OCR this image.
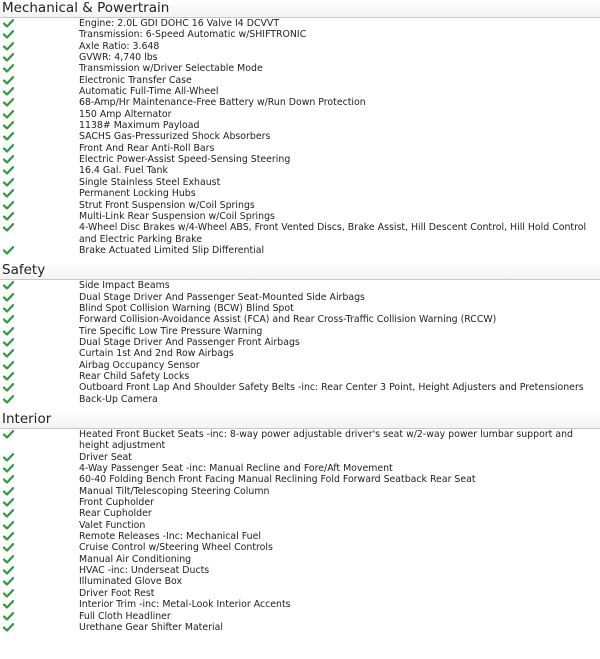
Mechanical & Powertrain
Engine: 2.0L GDI DOHC 16 Valve I4 DCVVT
Transmission: 6-Speed Automatic w/SHIFTRONIC
Axle Ratio: 3.648
GVWR: 4,740 lbs
Transmission w/Driver Selectable Mode
Electronic Transfer Case
Automatic Full-Time All-Wheel
68-Amp/Hr Maintenance-Free Battery w/Run Down Protection
150 Amp Alternator
1138# Maximum Payload
SACHS Gas-Pressurized Shock Absorbers
Front And Rear Anti-Roll Bars
Electric Power-Assist Speed-Sensing Steering
16.4 Gal. Fuel Tank
Single Stainless Steel Exhaust
Permanent Locking Hubs
Strut Front Suspension w/Coil Springs
Multi-Link Rear Suspension w/Coil Springs
4-Wheel Disc Brakes w/4-Wheel ABS, Front Vented Discs, Brake Assist, Hill Descent Control, Hill Hold Control and Electric Parking Brake
Brake Actuated Limited Slip Differential
Safety
Side Impact Beams
Dual Stage Driver And Passenger Seat-Mounted Side Airbags
Blind Spot Collision Warning (BCW) Blind Spot
Forward Collision-Avoidance Assist (FCA) and Rear Cross-Traffic Collision Warning (RCCW)
Tire Specific Low Tire Pressure Warning
Dual Stage Driver And Passenger Front Airbags
Curtain 1st And 2nd Row Airbags
Airbag Occupancy Sensor
Rear Child Safety Locks
Outboard Front Lap And Shoulder Safety Belts -inc: Rear Center 3 Point, Height Adjusters and Pretensioners
Back-Up Camera
Interior
Heated Front Bucket Seats -inc: 8-way power adjustable driver's seat w/2-way power lumbar support and height adjustment
Driver Seat
4-Way Passenger Seat -inc: Manual Recline and Fore/Aft Movement
60-40 Folding Bench Front Facing Manual Reclining Fold Forward Seatback Rear Seat
Manual Tilt/Telescoping Steering Column
Front Cupholder
Rear Cupholder
Valet Function
Remote Releases -Inc: Mechanical Fuel
Cruise Control w/Steering Wheel Controls
Manual Air Conditioning
HVAC -inc: Underseat Ducts
Illuminated Glove Box
Driver Foot Rest
Interior Trim -inc: Metal-Look Interior Accents
Full Cloth Headliner
Urethane Gear Shifter Material
